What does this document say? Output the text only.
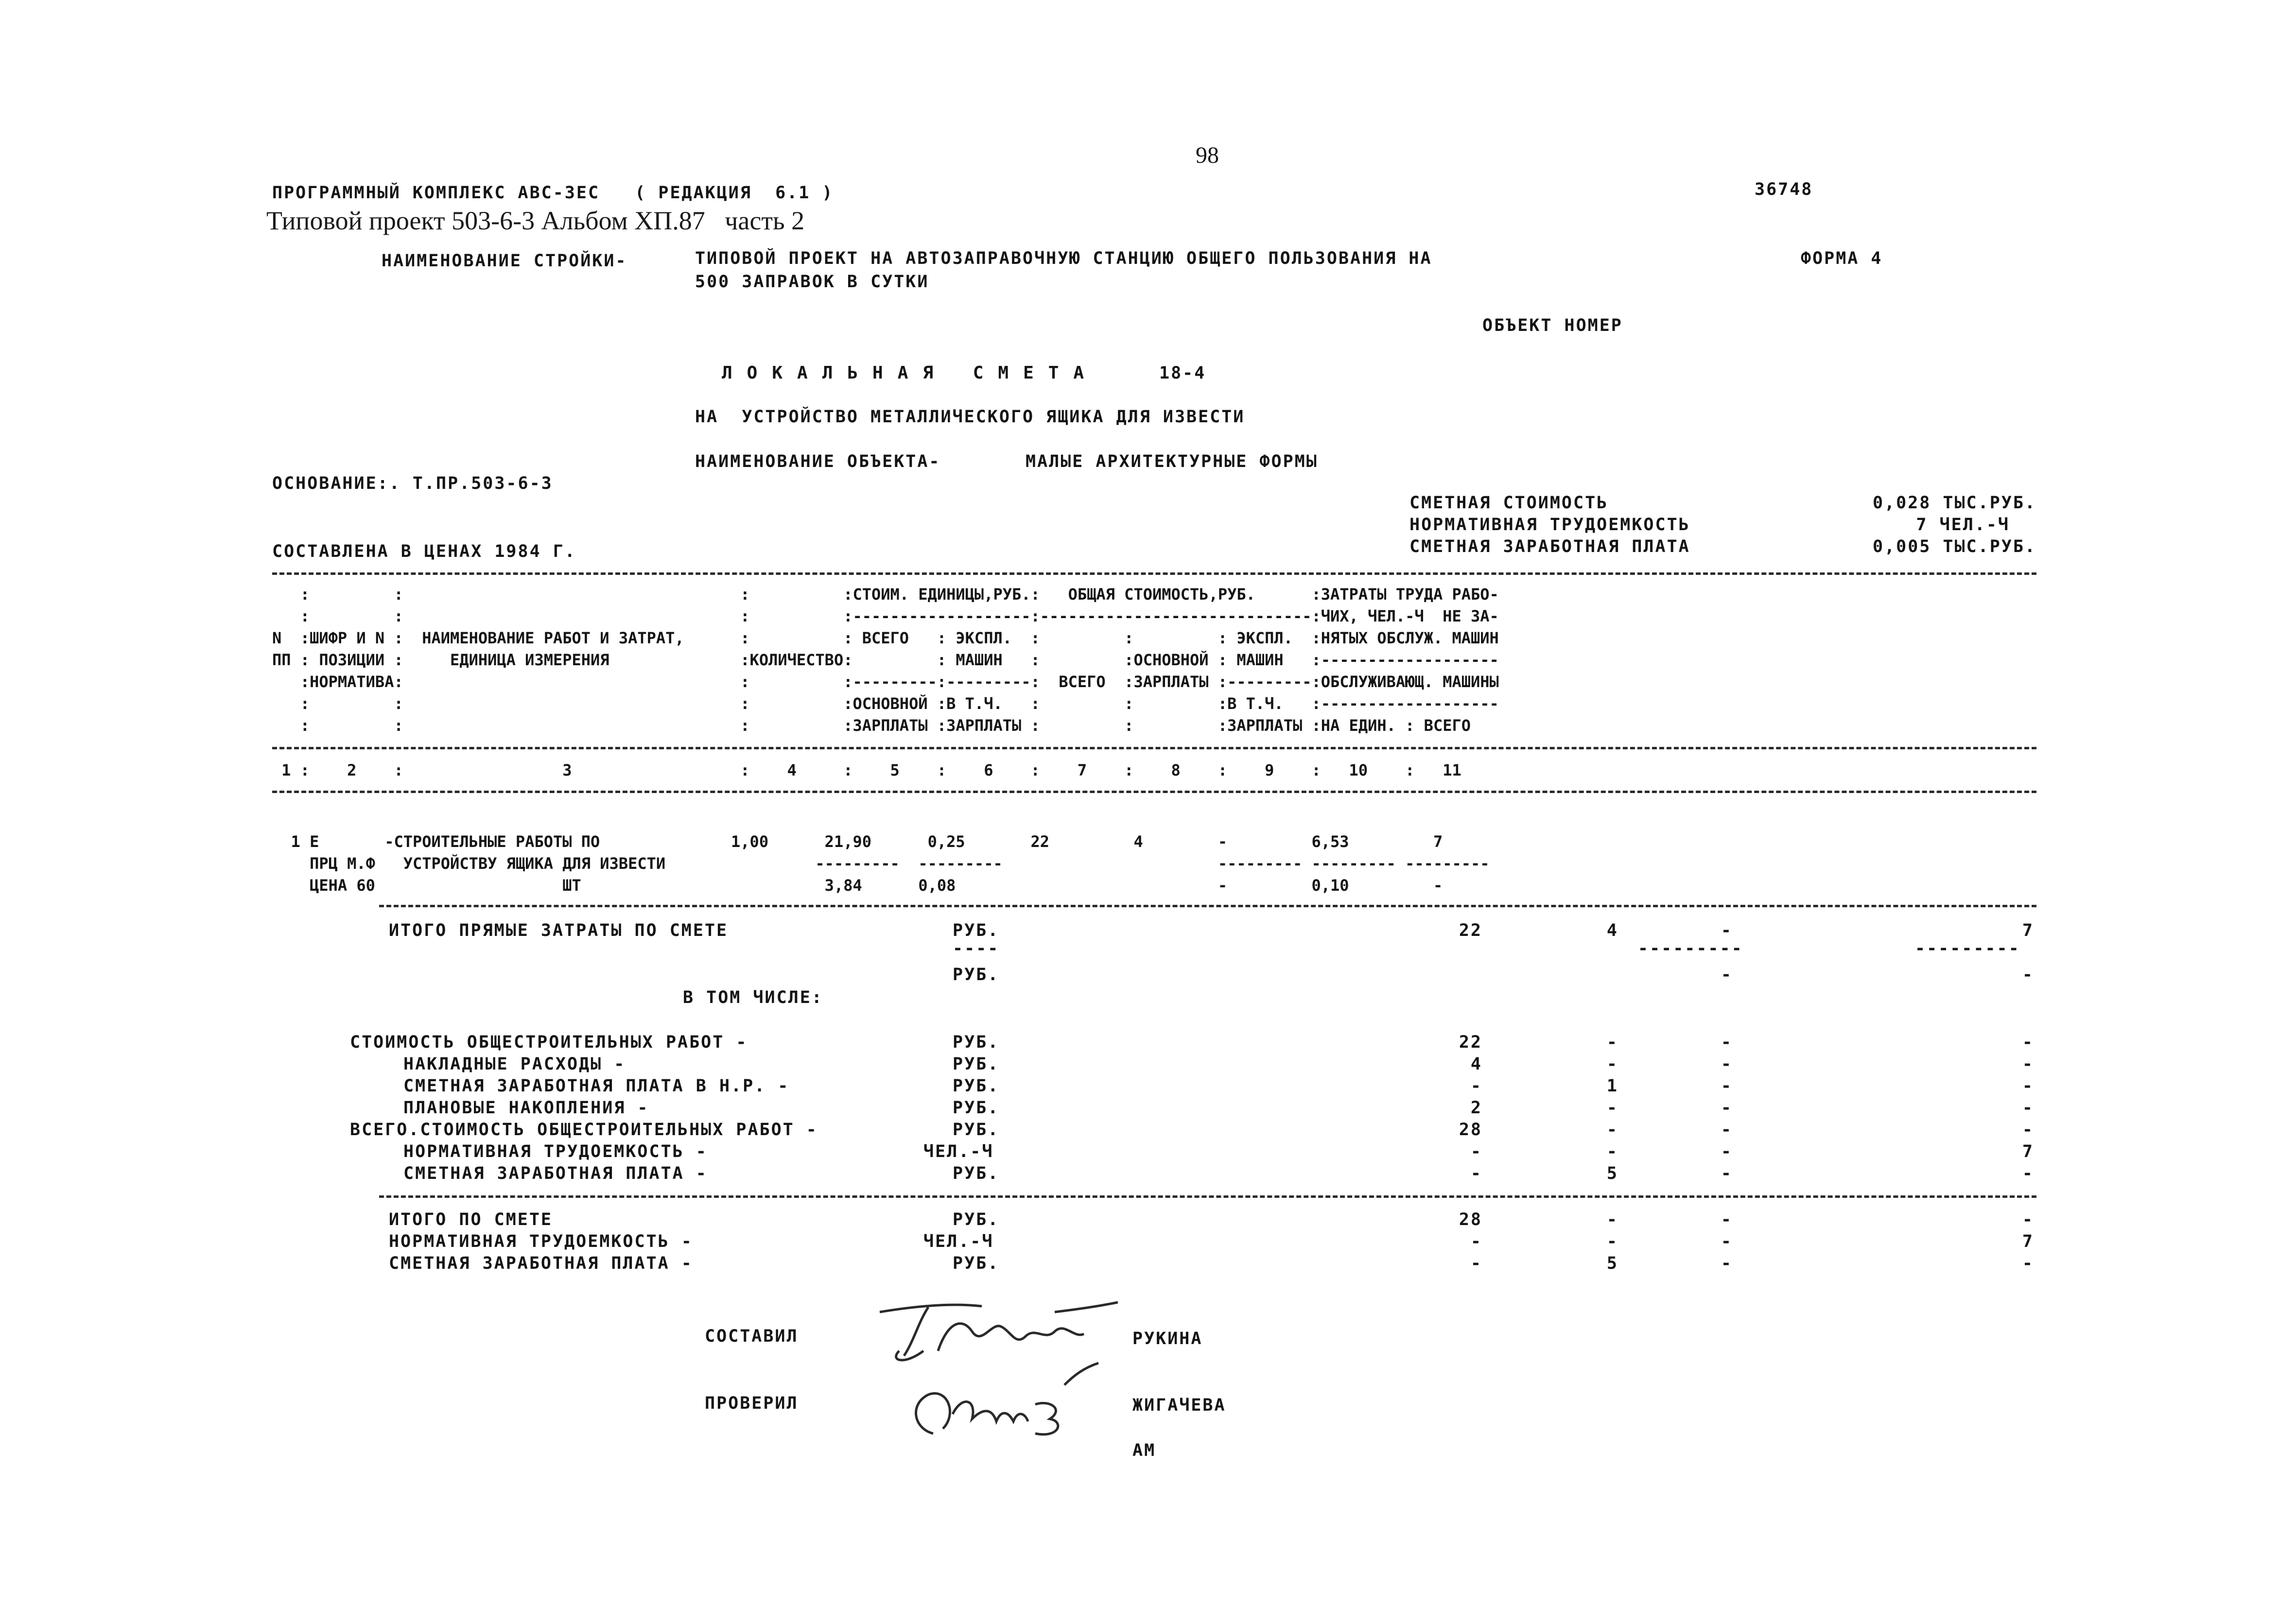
98
ПРОГРАММНЫЙ КОМПЛЕКС АВС-3ЕС   ( РЕДАКЦИЯ  6.1 )	36748
Типовой проект 503-6-3 Альбом ХП.87   часть 2
НАИМЕНОВАНИЕ СТРОЙКИ-	ТИПОВОЙ ПРОЕКТ НА АВТОЗАПРАВОЧНУЮ СТАНЦИЮ ОБЩЕГО ПОЛЬЗОВАНИЯ НА
500 ЗАПРАВОК В СУТКИ
ФОРМА 4
ОБЪЕКТ НОМЕР
ЛОКАЛЬНАЯ СМЕТА	18-4
НА  УСТРОЙСТВО МЕТАЛЛИЧЕСКОГО ЯЩИКА ДЛЯ ИЗВЕСТИ
НАИМЕНОВАНИЕ ОБЪЕКТА-	МАЛЫЕ АРХИТЕКТУРНЫЕ ФОРМЫ
ОСНОВАНИЕ:. Т.ПР.503-6-3
СМЕТНАЯ СТОИМОСТЬ	0,028 ТЫС.РУБ.
НОРМАТИВНАЯ ТРУДОЕМКОСТЬ	7 ЧЕЛ.-Ч
СМЕТНАЯ ЗАРАБОТНАЯ ПЛАТА	0,005 ТЫС.РУБ.
СОСТАВЛЕНА В ЦЕНАХ 1984 Г.
:         :                                    :          :СТОИМ. ЕДИНИЦЫ,РУБ.:   ОБЩАЯ СТОИМОСТЬ,РУБ.      :ЗАТРАТЫ ТРУДА РАБО-
:         :                                    :          :-------------------:-----------------------------:ЧИХ, ЧЕЛ.-Ч  НЕ ЗА-
N  :ШИФР И N :  НАИМЕНОВАНИЕ РАБОТ И ЗАТРАТ,      :          : ВСЕГО   : ЭКСПЛ.  :         :         : ЭКСПЛ.  :НЯТЫХ ОБСЛУЖ. МАШИН
ПП : ПОЗИЦИИ :     ЕДИНИЦА ИЗМЕРЕНИЯ              :КОЛИЧЕСТВО:         : МАШИН   :         :ОСНОВНОЙ : МАШИН   :-------------------
:НОРМАТИВА:                                    :          :---------:---------:  ВСЕГО  :ЗАРПЛАТЫ :---------:ОБСЛУЖИВАЮЩ. МАШИНЫ
:         :                                    :          :ОСНОВНОЙ :В Т.Ч.   :         :         :В Т.Ч.   :-------------------
:         :                                    :          :ЗАРПЛАТЫ :ЗАРПЛАТЫ :         :         :ЗАРПЛАТЫ :НА ЕДИН. : ВСЕГО
1 :    2    :                 3                  :    4     :    5    :    6    :    7    :    8    :    9    :   10    :   11
1 Е       -СТРОИТЕЛЬНЫЕ РАБОТЫ ПО              1,00      21,90      0,25       22         4        -         6,53         7
ПРЦ М.Ф   УСТРОЙСТВУ ЯЩИКА ДЛЯ ИЗВЕСТИ                ---------  ---------                       --------- --------- ---------
ЦЕНА 60                    ШТ                          3,84      0,08                            -         0,10         -
ИТОГО ПРЯМЫЕ ЗАТРАТЫ ПО СМЕТЕ	РУБ.	22	4	-	7
----	---------	---------
РУБ.	-	-
В ТОМ ЧИСЛЕ:
СТОИМОСТЬ ОБЩЕСТРОИТЕЛЬНЫХ РАБОТ -	РУБ.	22	-	-	-
НАКЛАДНЫЕ РАСХОДЫ -	РУБ.	4	-	-	-
СМЕТНАЯ ЗАРАБОТНАЯ ПЛАТА В Н.Р. -	РУБ.	-	1	-	-
ПЛАНОВЫЕ НАКОПЛЕНИЯ -	РУБ.	2	-	-	-
ВСЕГО.СТОИМОСТЬ ОБЩЕСТРОИТЕЛЬНЫХ РАБОТ -	РУБ.	28	-	-	-
НОРМАТИВНАЯ ТРУДОЕМКОСТЬ -	ЧЕЛ.-Ч	-	-	-	7
СМЕТНАЯ ЗАРАБОТНАЯ ПЛАТА -	РУБ.	-	5	-	-
ИТОГО ПО СМЕТЕ	РУБ.	28	-	-	-
НОРМАТИВНАЯ ТРУДОЕМКОСТЬ -	ЧЕЛ.-Ч	-	-	-	7
СМЕТНАЯ ЗАРАБОТНАЯ ПЛАТА -	РУБ.	-	5	-	-
СОСТАВИЛ	РУКИНА
ПРОВЕРИЛ	ЖИГАЧЕВА
АМ
